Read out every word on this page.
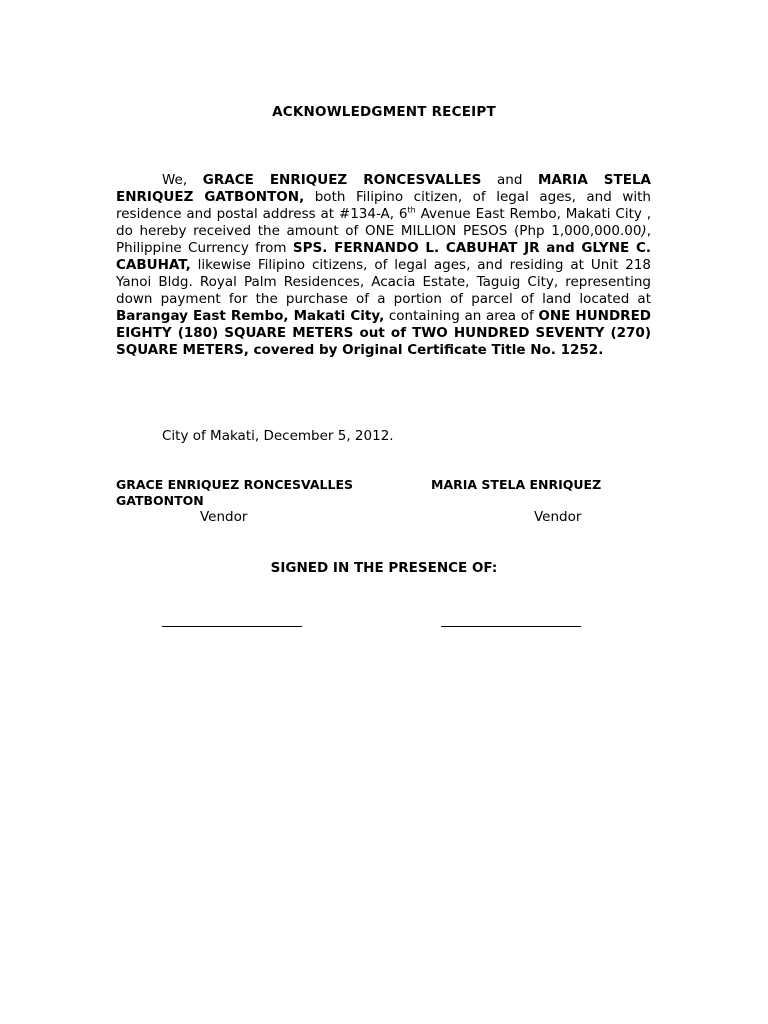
ACKNOWLEDGMENT RECEIPT

We, GRACE ENRIQUEZ RONCESVALLES and MARIA STELA ENRIQUEZ GATBONTON, both Filipino citizen, of legal ages, and with residence and postal address at #134-A, 6th Avenue East Rembo, Makati City , do hereby received the amount of ONE MILLION PESOS (Php 1,000,000.00), Philippine Currency from SPS. FERNANDO L. CABUHAT JR and GLYNE C. CABUHAT, likewise Filipino citizens, of legal ages, and residing at Unit 218 Yanoi Bldg. Royal Palm Residences, Acacia Estate, Taguig City, representing down payment for the purchase of a portion of parcel of land located at Barangay East Rembo, Makati City, containing an area of ONE HUNDRED EIGHTY (180) SQUARE METERS out of TWO HUNDRED SEVENTY (270) SQUARE METERS, covered by Original Certificate Title No. 1252.

City of Makati, December 5, 2012.
GRACE ENRIQUEZ RONCESVALLES
GATBONTON
MARIA STELA ENRIQUEZ
Vendor	Vendor
SIGNED IN THE PRESENCE OF:
